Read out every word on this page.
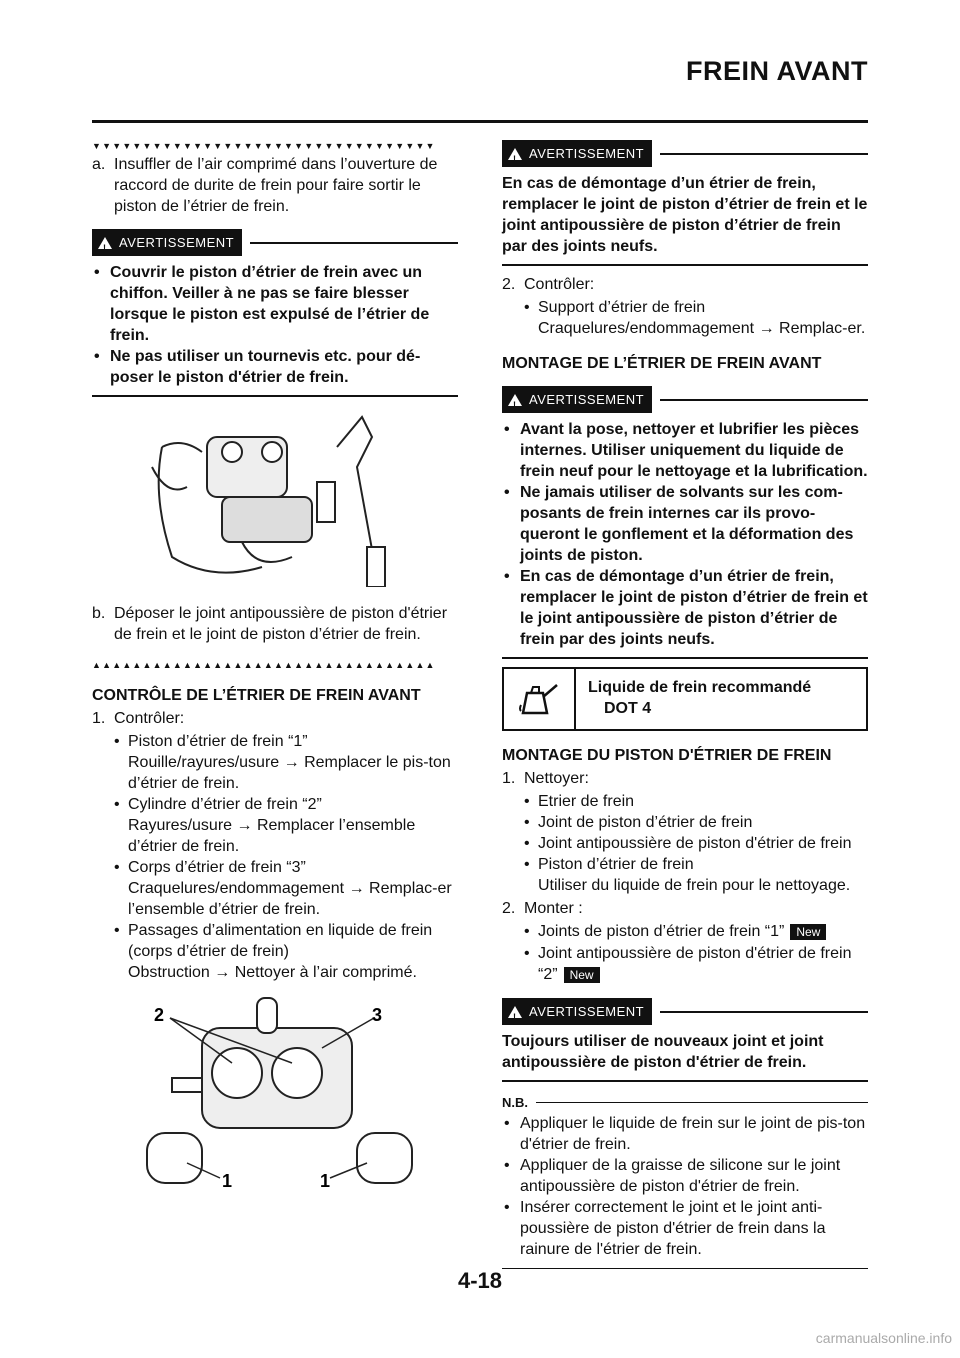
FREIN AVANT
▼▼▼▼▼▼▼▼▼▼▼▼▼▼▼▼▼▼▼▼▼▼▼▼▼▼▼▼▼▼▼▼▼▼
a. Insuffler de l’air comprimé dans l’ouverture de raccord de durite de frein pour faire sortir le piston de l’étrier de frein.
!
AVERTISSEMENT
• Couvrir le piston d’étrier de frein avec un chiffon. Veiller à ne pas se faire blesser lorsque le piston est expulsé de l’étrier de frein.
• Ne pas utiliser un tournevis etc. pour dé-poser le piston d'étrier de frein.
b. Déposer le joint antipoussière de piston d'étrier de frein et le joint de piston d’étrier de frein.
▲▲▲▲▲▲▲▲▲▲▲▲▲▲▲▲▲▲▲▲▲▲▲▲▲▲▲▲▲▲▲▲▲▲
CONTRÔLE DE L’ÉTRIER DE FREIN AVANT
1. Contrôler:
• Piston d’étrier de frein “1”
Rouille/rayures/usure → Remplacer le pis-ton d’étrier de frein.
• Cylindre d’étrier de frein “2”
Rayures/usure → Remplacer l’ensemble d’étrier de frein.
• Corps d’étrier de frein “3”
Craquelures/endommagement → Remplac-er l’ensemble d’étrier de frein.
• Passages d’alimentation en liquide de frein (corps d’étrier de frein)
Obstruction → Nettoyer à l’air comprimé.
2	3
1	1
!
AVERTISSEMENT
En cas de démontage d’un étrier de frein, remplacer le joint de piston d’étrier de frein et le joint antipoussière de piston d’étrier de frein par des joints neufs.
2. Contrôler:
• Support d’étrier de frein
Craquelures/endommagement → Remplac-er.
MONTAGE DE L’ÉTRIER DE FREIN AVANT
!
AVERTISSEMENT
• Avant la pose, nettoyer et lubrifier les pièces internes. Utiliser uniquement du liquide de frein neuf pour le nettoyage et la lubrification.
• Ne jamais utiliser de solvants sur les com-posants de frein internes car ils provo-queront le gonflement et la déformation des joints de piston.
• En cas de démontage d’un étrier de frein, remplacer le joint de piston d’étrier de frein et le joint antipoussière de piston d’étrier de frein par des joints neufs.
Liquide de frein recommandé
DOT 4
MONTAGE DU PISTON D'ÉTRIER DE FREIN
1. Nettoyer:
• Etrier de frein
• Joint de piston d’étrier de frein
• Joint antipoussière de piston d'étrier de frein
• Piston d’étrier de frein
Utiliser du liquide de frein pour le nettoyage.
2. Monter :
• Joints de piston d’étrier de frein “1” New
• Joint antipoussière de piston d'étrier de frein “2” New
!
AVERTISSEMENT
Toujours utiliser de nouveaux joint et joint antipoussière de piston d'étrier de frein.
N.B.
• Appliquer le liquide de frein sur le joint de pis-ton d'étrier de frein.
• Appliquer de la graisse de silicone sur le joint antipoussière de piston d'étrier de frein.
• Insérer correctement le joint et le joint anti-poussière de piston d'étrier de frein dans la rainure de l'étrier de frein.
4-18
carmanualsonline.info
